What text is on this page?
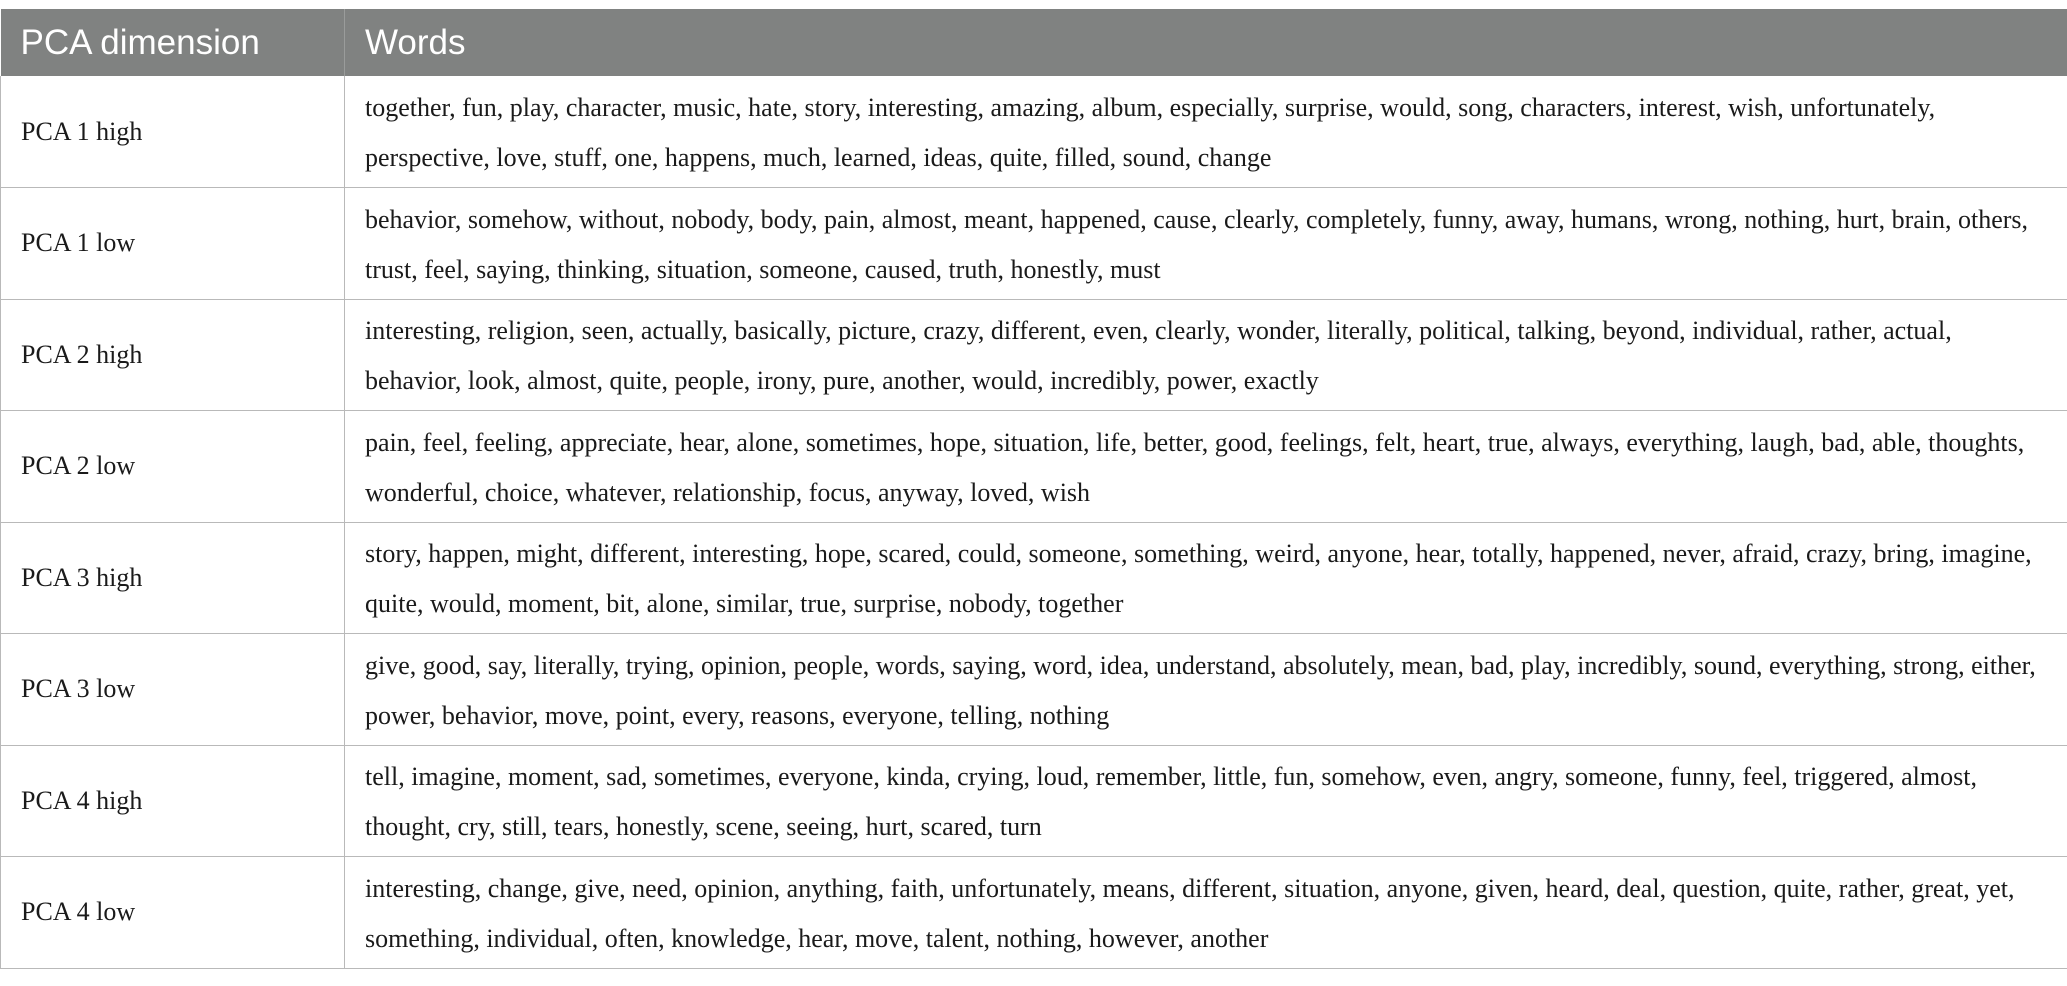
PCA dimension	Words
PCA 1 high	together, fun, play, character, music, hate, story, interesting, amazing, album, especially, surprise, would, song, characters, interest, wish, unfortunately, perspective, love, stuff, one, happens, much, learned, ideas, quite, filled, sound, change
PCA 1 low	behavior, somehow, without, nobody, body, pain, almost, meant, happened, cause, clearly, completely, funny, away, humans, wrong, nothing, hurt, brain, others, trust, feel, saying, thinking, situation, someone, caused, truth, honestly, must
PCA 2 high	interesting, religion, seen, actually, basically, picture, crazy, different, even, clearly, wonder, literally, political, talking, beyond, individual, rather, actual, behavior, look, almost, quite, people, irony, pure, another, would, incredibly, power, exactly
PCA 2 low	pain, feel, feeling, appreciate, hear, alone, sometimes, hope, situation, life, better, good, feelings, felt, heart, true, always, everything, laugh, bad, able, thoughts, wonderful, choice, whatever, relationship, focus, anyway, loved, wish
PCA 3 high	story, happen, might, different, interesting, hope, scared, could, someone, something, weird, anyone, hear, totally, happened, never, afraid, crazy, bring, imagine, quite, would, moment, bit, alone, similar, true, surprise, nobody, together
PCA 3 low	give, good, say, literally, trying, opinion, people, words, saying, word, idea, understand, absolutely, mean, bad, play, incredibly, sound, everything, strong, either, power, behavior, move, point, every, reasons, everyone, telling, nothing
PCA 4 high	tell, imagine, moment, sad, sometimes, everyone, kinda, crying, loud, remember, little, fun, somehow, even, angry, someone, funny, feel, triggered, almost, thought, cry, still, tears, honestly, scene, seeing, hurt, scared, turn
PCA 4 low	interesting, change, give, need, opinion, anything, faith, unfortunately, means, different, situation, anyone, given, heard, deal, question, quite, rather, great, yet, something, individual, often, knowledge, hear, move, talent, nothing, however, another
